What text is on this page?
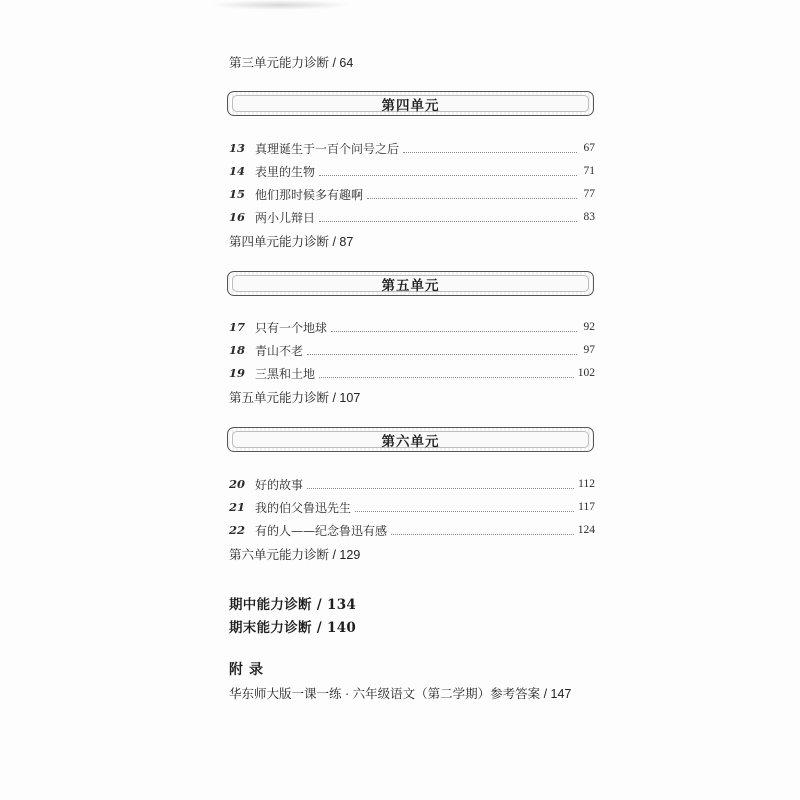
第三单元能力诊断 / 64
第四单元
13 真理诞生于一百个问号之后	67
14 表里的生物	71
15 他们那时候多有趣啊	77
16 两小儿辩日	83
第四单元能力诊断 / 87
第五单元
17 只有一个地球	92
18 青山不老	97
19 三黑和土地	102
第五单元能力诊断 / 107
第六单元
20 好的故事	112
21 我的伯父鲁迅先生	117
22 有的人——纪念鲁迅有感	124
第六单元能力诊断 / 129
期中能力诊断 / 134
期末能力诊断 / 140
附录
华东师大版一课一练 · 六年级语文（第二学期）参考答案 / 147
